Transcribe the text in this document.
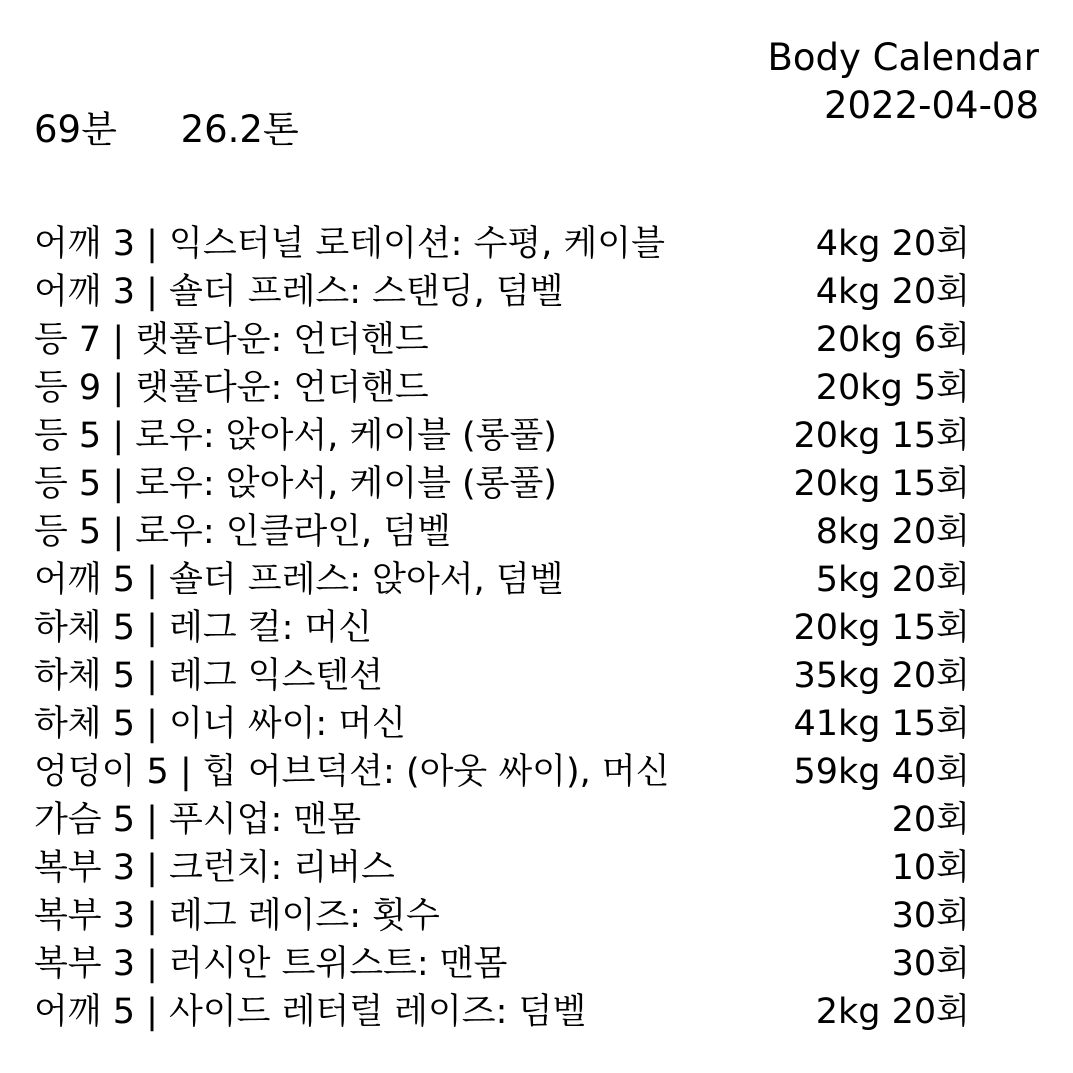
Body Calendar
2022-04-08
69분 26.2톤
어깨 3 | 익스터널 로테이션: 수평, 케이블	4kg 20회
어깨 3 | 숄더 프레스: 스탠딩, 덤벨	4kg 20회
등 7 | 랫풀다운: 언더핸드	20kg 6회
등 9 | 랫풀다운: 언더핸드	20kg 5회
등 5 | 로우: 앉아서, 케이블 (롱풀)	20kg 15회
등 5 | 로우: 앉아서, 케이블 (롱풀)	20kg 15회
등 5 | 로우: 인클라인, 덤벨	8kg 20회
어깨 5 | 숄더 프레스: 앉아서, 덤벨	5kg 20회
하체 5 | 레그 컬: 머신	20kg 15회
하체 5 | 레그 익스텐션	35kg 20회
하체 5 | 이너 싸이: 머신	41kg 15회
엉덩이 5 | 힙 어브덕션: (아웃 싸이), 머신	59kg 40회
가슴 5 | 푸시업: 맨몸	20회
복부 3 | 크런치: 리버스	10회
복부 3 | 레그 레이즈: 횟수	30회
복부 3 | 러시안 트위스트: 맨몸	30회
어깨 5 | 사이드 레터럴 레이즈: 덤벨	2kg 20회
